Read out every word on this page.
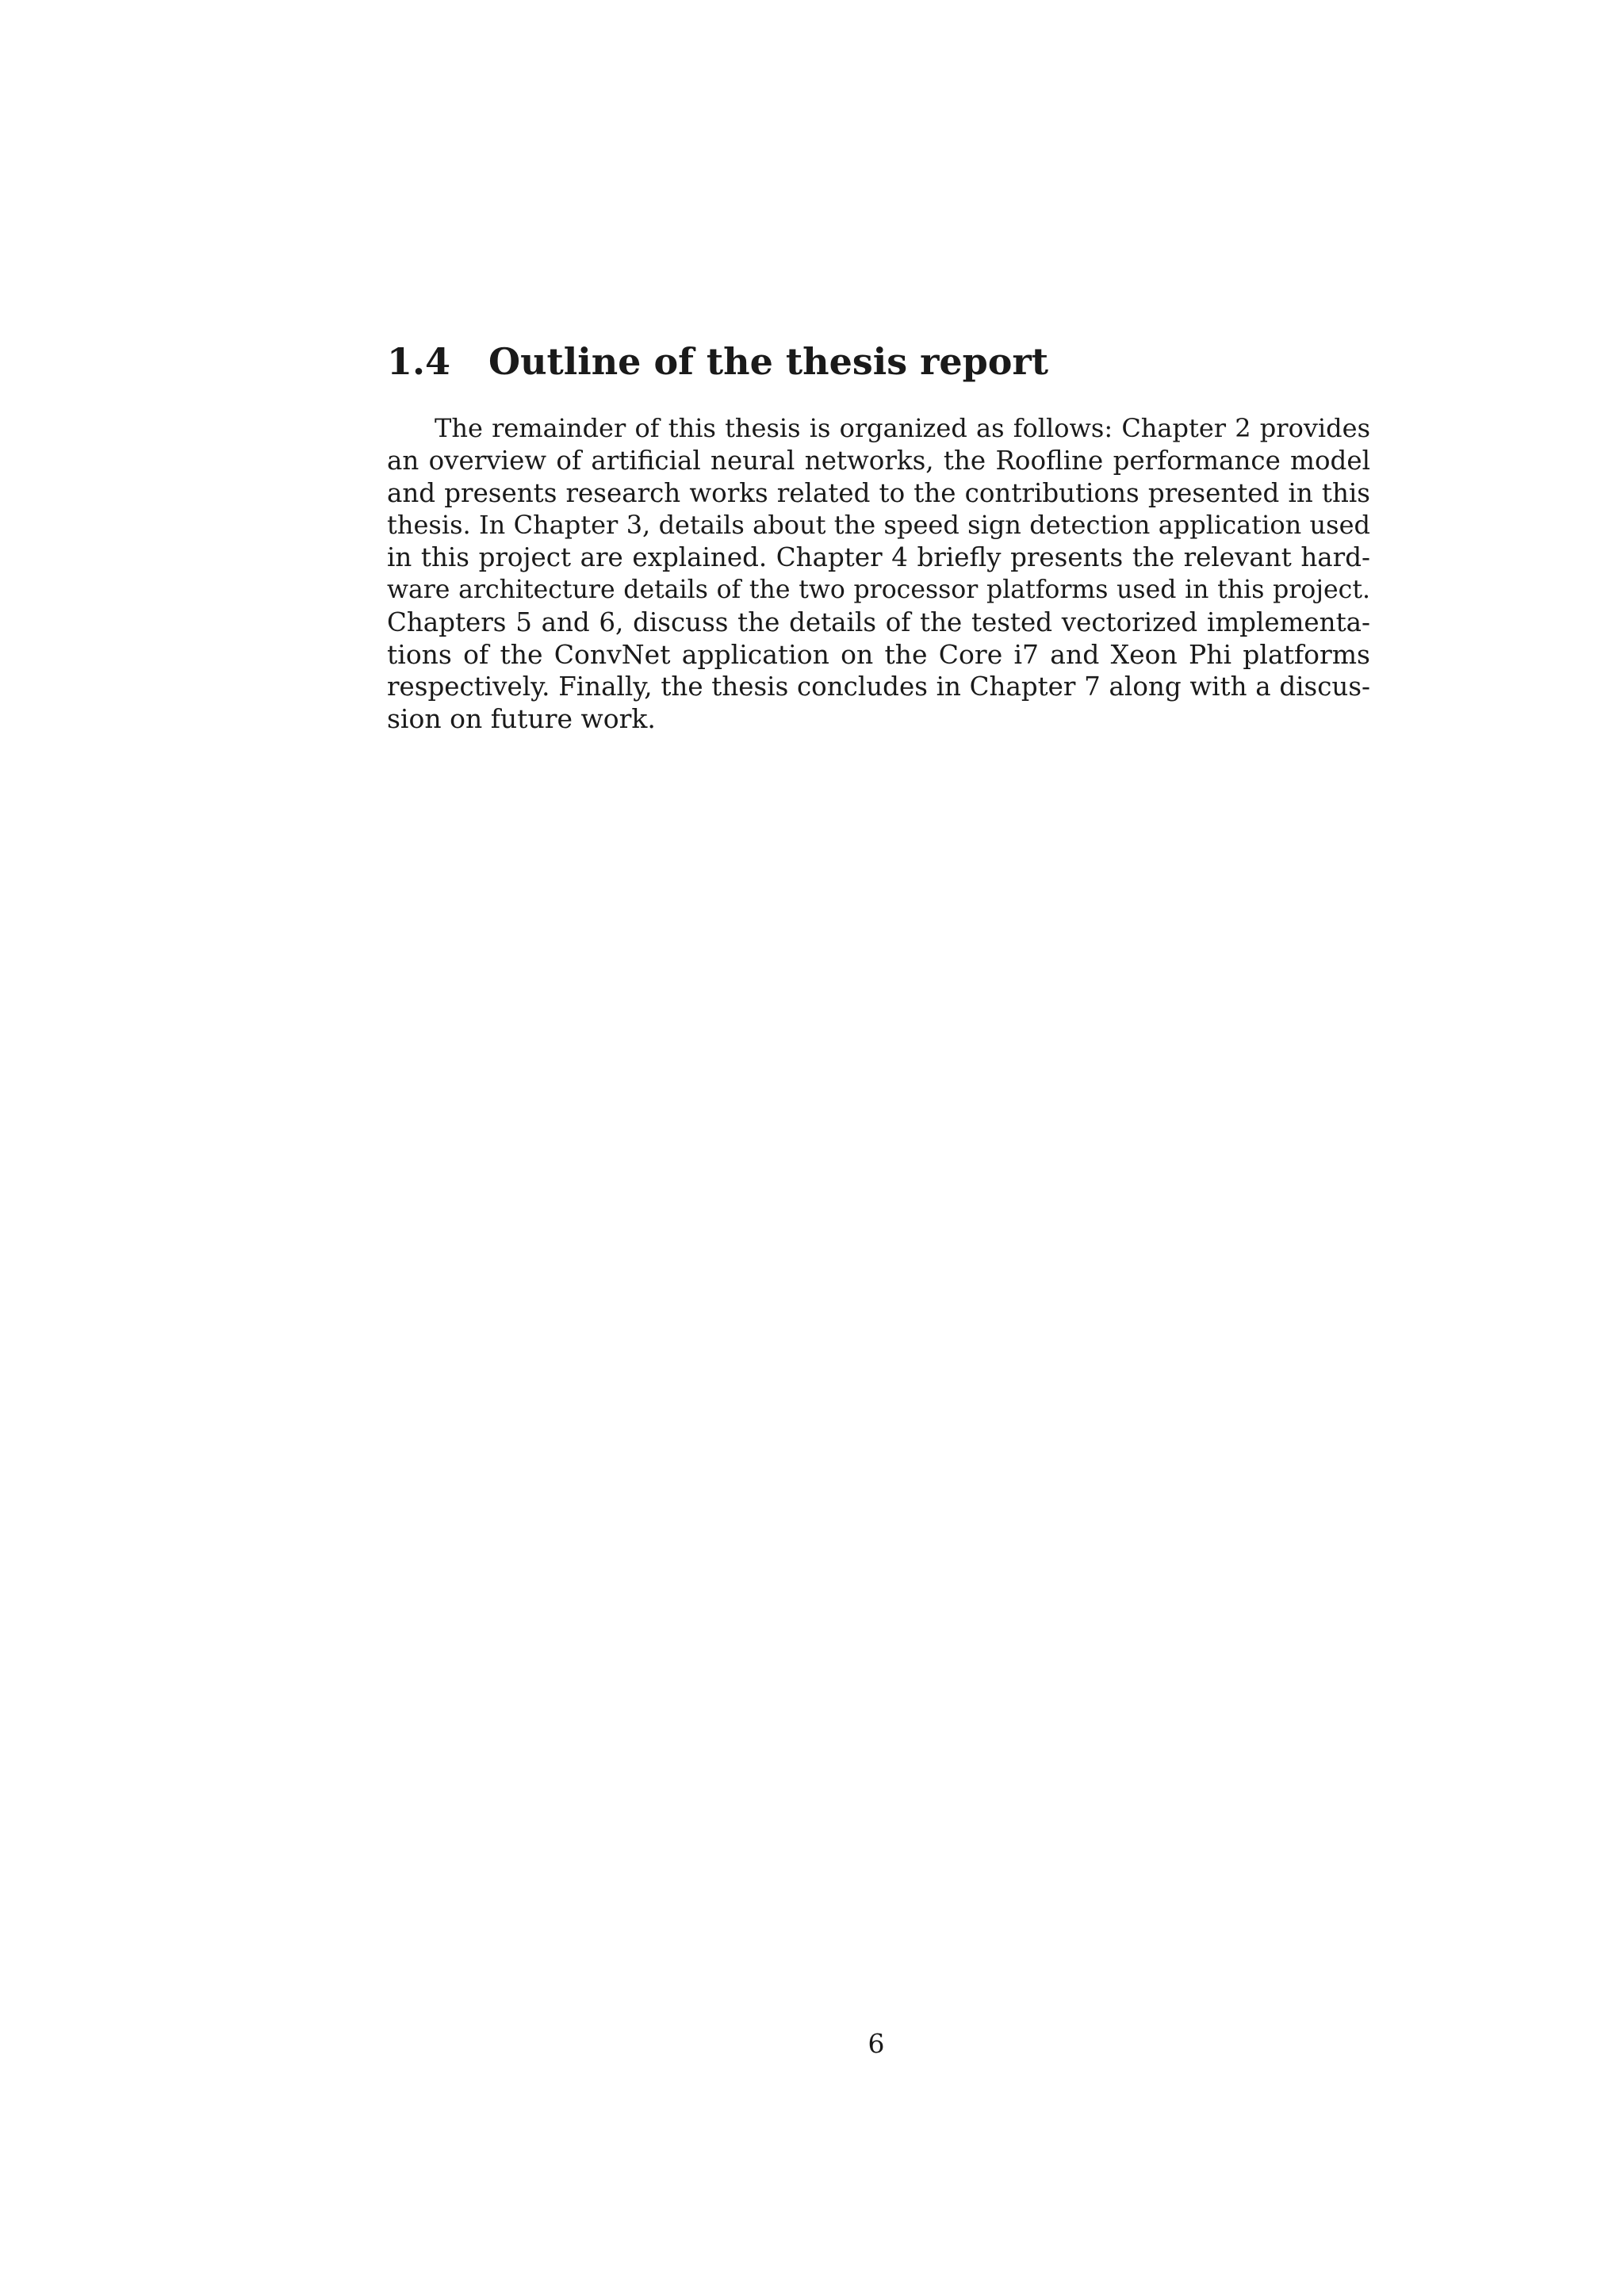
1.4	Outline of the thesis report
The remainder of this thesis is organized as follows: Chapter 2 provides
an overview of artificial neural networks, the Roofline performance model
and presents research works related to the contributions presented in this
thesis. In Chapter 3, details about the speed sign detection application used
in this project are explained. Chapter 4 briefly presents the relevant hard-
ware architecture details of the two processor platforms used in this project.
Chapters 5 and 6, discuss the details of the tested vectorized implementa-
tions of the ConvNet application on the Core i7 and Xeon Phi platforms
respectively. Finally, the thesis concludes in Chapter 7 along with a discus-
sion on future work.
6
